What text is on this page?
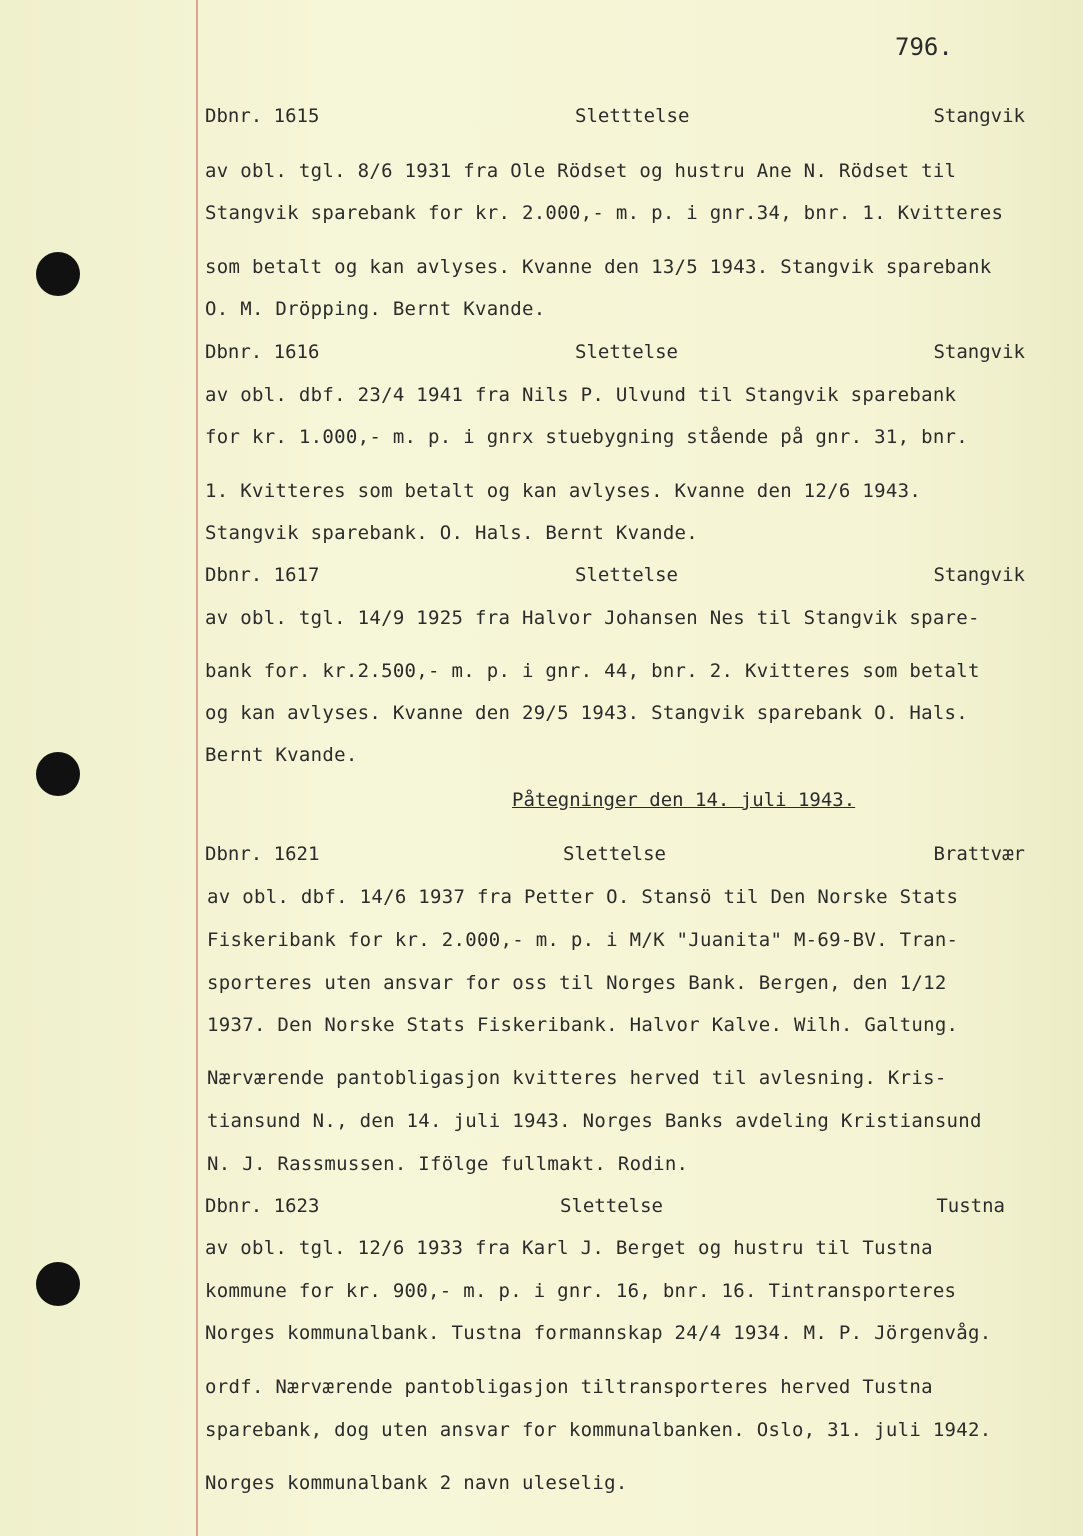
796.
Dbnr. 1615	Sletttelse	Stangvik
av obl. tgl. 8/6 1931 fra Ole Rödset og hustru Ane N. Rödset til
Stangvik sparebank for kr. 2.000,- m. p. i gnr.34, bnr. 1. Kvitteres
som betalt og kan avlyses. Kvanne den 13/5 1943. Stangvik sparebank
O. M. Dröpping. Bernt Kvande.
Dbnr. 1616	Slettelse	Stangvik
av obl. dbf. 23/4 1941 fra Nils P. Ulvund til Stangvik sparebank
for kr. 1.000,- m. p. i gnrx stuebygning stående på gnr. 31, bnr.
1. Kvitteres som betalt og kan avlyses. Kvanne den 12/6 1943.
Stangvik sparebank. O. Hals. Bernt Kvande.
Dbnr. 1617	Slettelse	Stangvik
av obl. tgl. 14/9 1925 fra Halvor Johansen Nes til Stangvik spare-
bank for. kr.2.500,- m. p. i gnr. 44, bnr. 2. Kvitteres som betalt
og kan avlyses. Kvanne den 29/5 1943. Stangvik sparebank O. Hals.
Bernt Kvande.
Påtegninger den 14. juli 1943.
Dbnr. 1621	Slettelse	Brattvær
av obl. dbf. 14/6 1937 fra Petter O. Stansö til Den Norske Stats
Fiskeribank for kr. 2.000,- m. p. i M/K "Juanita" M-69-BV. Tran-
sporteres uten ansvar for oss til Norges Bank. Bergen, den 1/12
1937. Den Norske Stats Fiskeribank. Halvor Kalve. Wilh. Galtung.
Nærværende pantobligasjon kvitteres herved til avlesning. Kris-
tiansund N., den 14. juli 1943. Norges Banks avdeling Kristiansund
N. J. Rassmussen. Ifölge fullmakt. Rodin.
Dbnr. 1623	Slettelse	Tustna
av obl. tgl. 12/6 1933 fra Karl J. Berget og hustru til Tustna
kommune for kr. 900,- m. p. i gnr. 16, bnr. 16. Tintransporteres
Norges kommunalbank. Tustna formannskap 24/4 1934. M. P. Jörgenvåg.
ordf. Nærværende pantobligasjon tiltransporteres herved Tustna
sparebank, dog uten ansvar for kommunalbanken. Oslo, 31. juli 1942.
Norges kommunalbank 2 navn uleselig.
